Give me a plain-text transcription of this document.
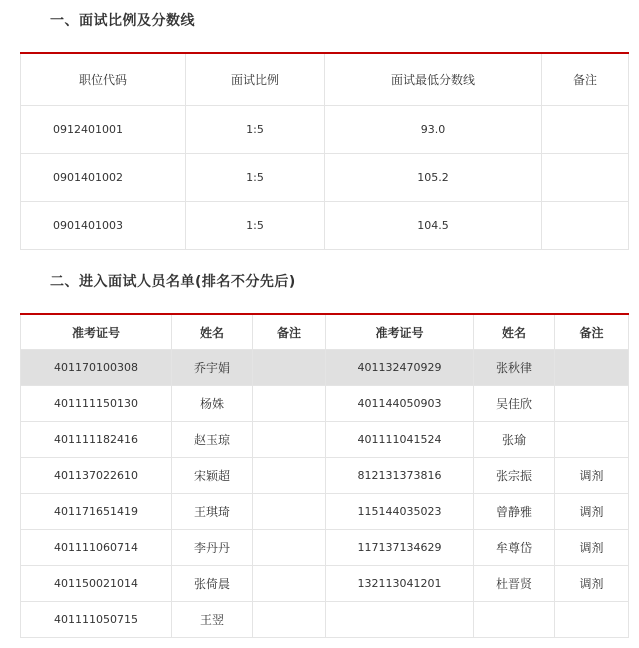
一、面试比例及分数线
职位代码	面试比例	面试最低分数线	备注
0912401001	1:5	93.0	
0901401002	1:5	105.2	
0901401003	1:5	104.5	
二、进入面试人员名单(排名不分先后)
准考证号	姓名	备注	准考证号	姓名	备注
401170100308	乔宇娟		401132470929	张秋律	
401111150130	杨姝		401144050903	吴佳欣	
401111182416	赵玉琼		401111041524	张瑜	
401137022610	宋颖超		812131373816	张宗振	调剂
401171651419	王琪琦		115144035023	曾静雅	调剂
401111060714	李丹丹		117137134629	牟尊岱	调剂
401150021014	张倚晨		132113041201	杜晋贤	调剂
401111050715	王翌				
